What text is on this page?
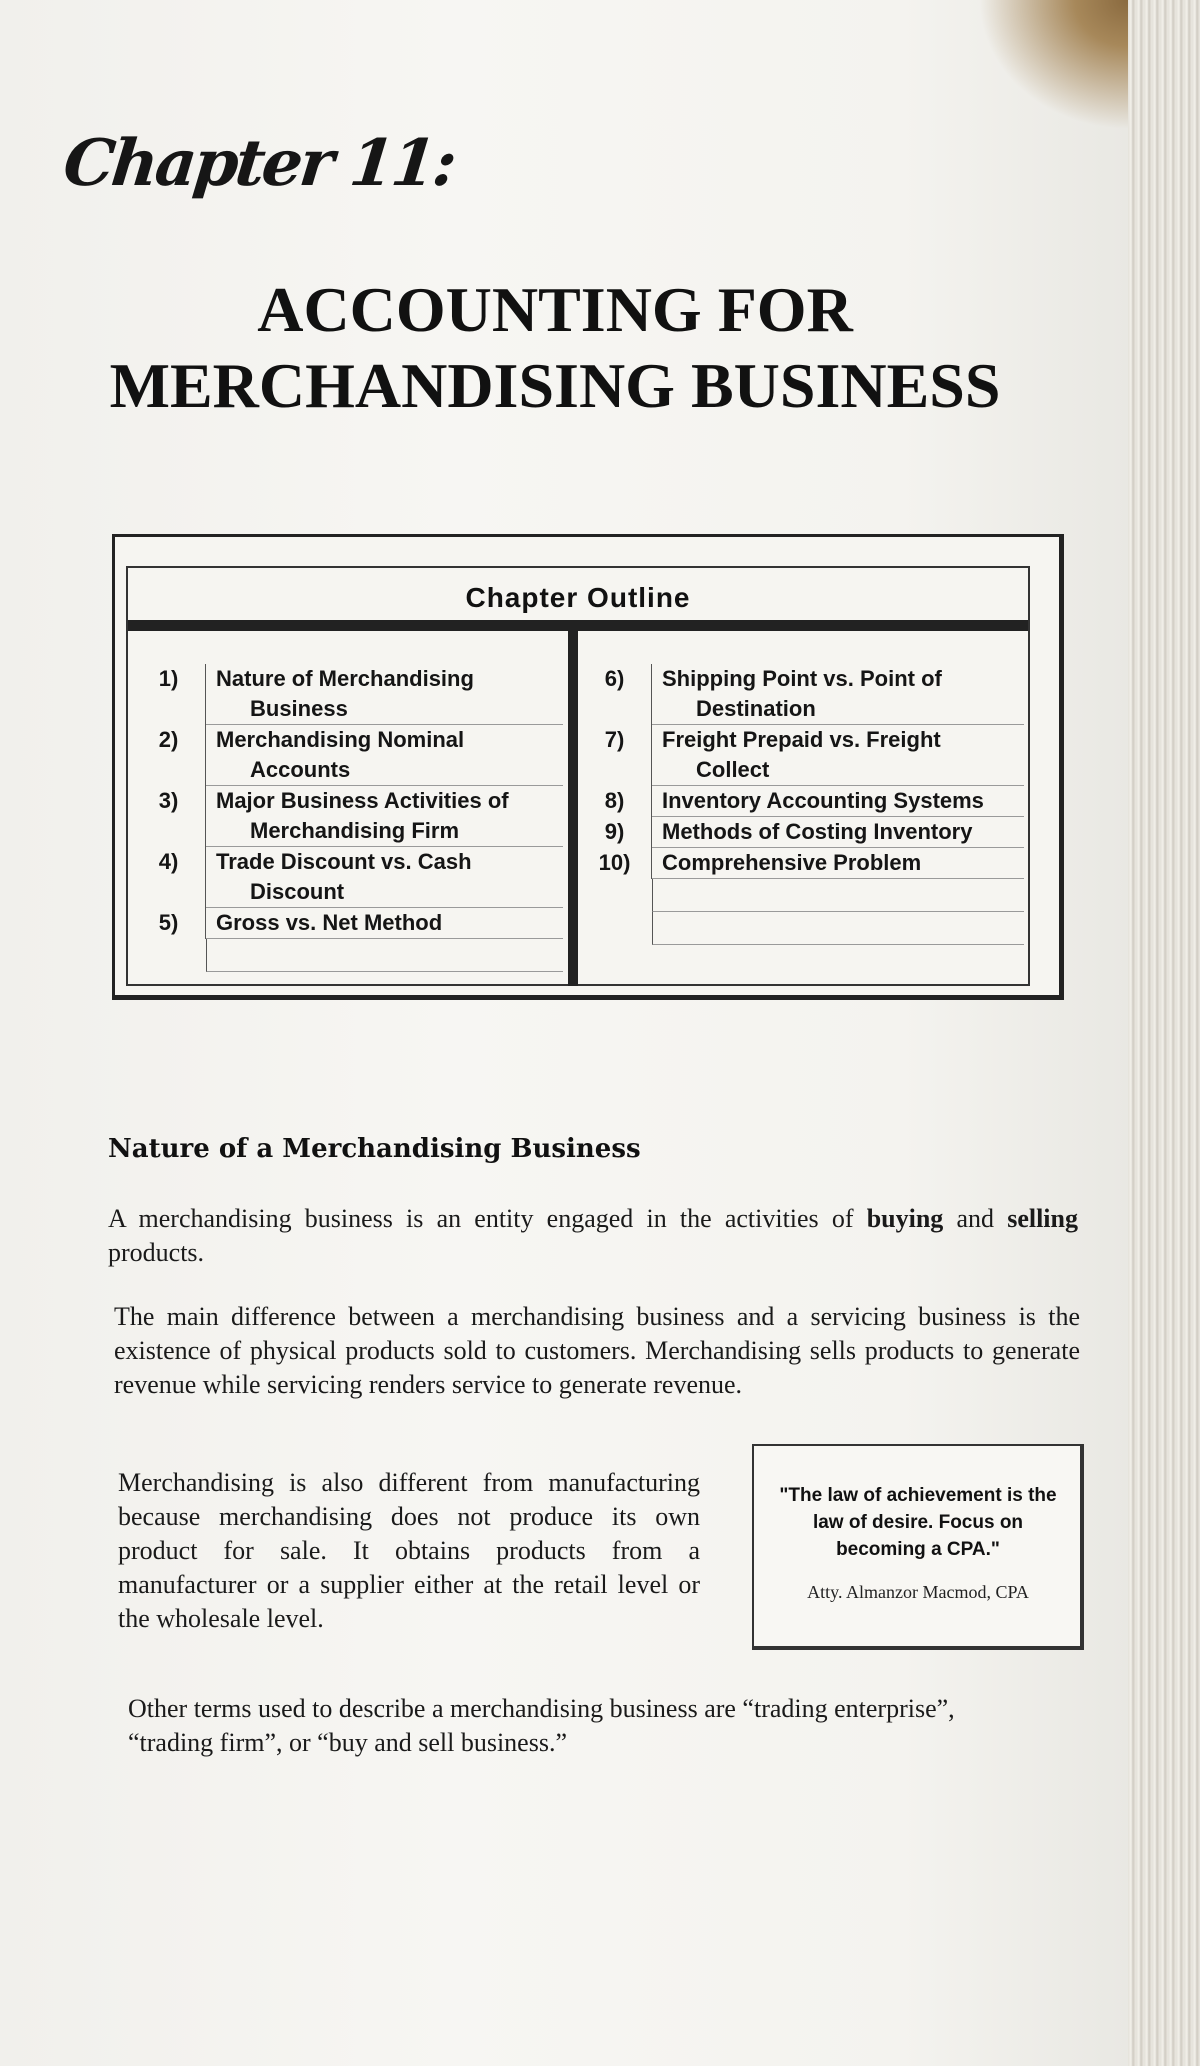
Chapter 11:
ACCOUNTING FOR
MERCHANDISING BUSINESS
Chapter Outline
1)	Nature of Merchandising
Business
2)	Merchandising Nominal
Accounts
3)	Major Business Activities of
Merchandising Firm
4)	Trade Discount vs. Cash
Discount
5)	Gross vs. Net Method
6)	Shipping Point vs. Point of
Destination
7)	Freight Prepaid vs. Freight
Collect
8)	Inventory Accounting Systems
9)	Methods of Costing Inventory
10)	Comprehensive Problem
Nature of a Merchandising Business
A merchandising business is an entity engaged in the activities of buying and selling products.
The main difference between a merchandising business and a servicing business is the existence of physical products sold to customers. Merchandising sells products to generate revenue while servicing renders service to generate revenue.
Merchandising is also different from manufacturing because merchandising does not produce its own product for sale. It obtains products from a manufacturer or a supplier either at the retail level or the wholesale level.
"The law of achievement is the law of desire. Focus on becoming a CPA."
Atty. Almanzor Macmod, CPA
Other terms used to describe a merchandising business are “trading enterprise”, “trading firm”, or “buy and sell business.”
